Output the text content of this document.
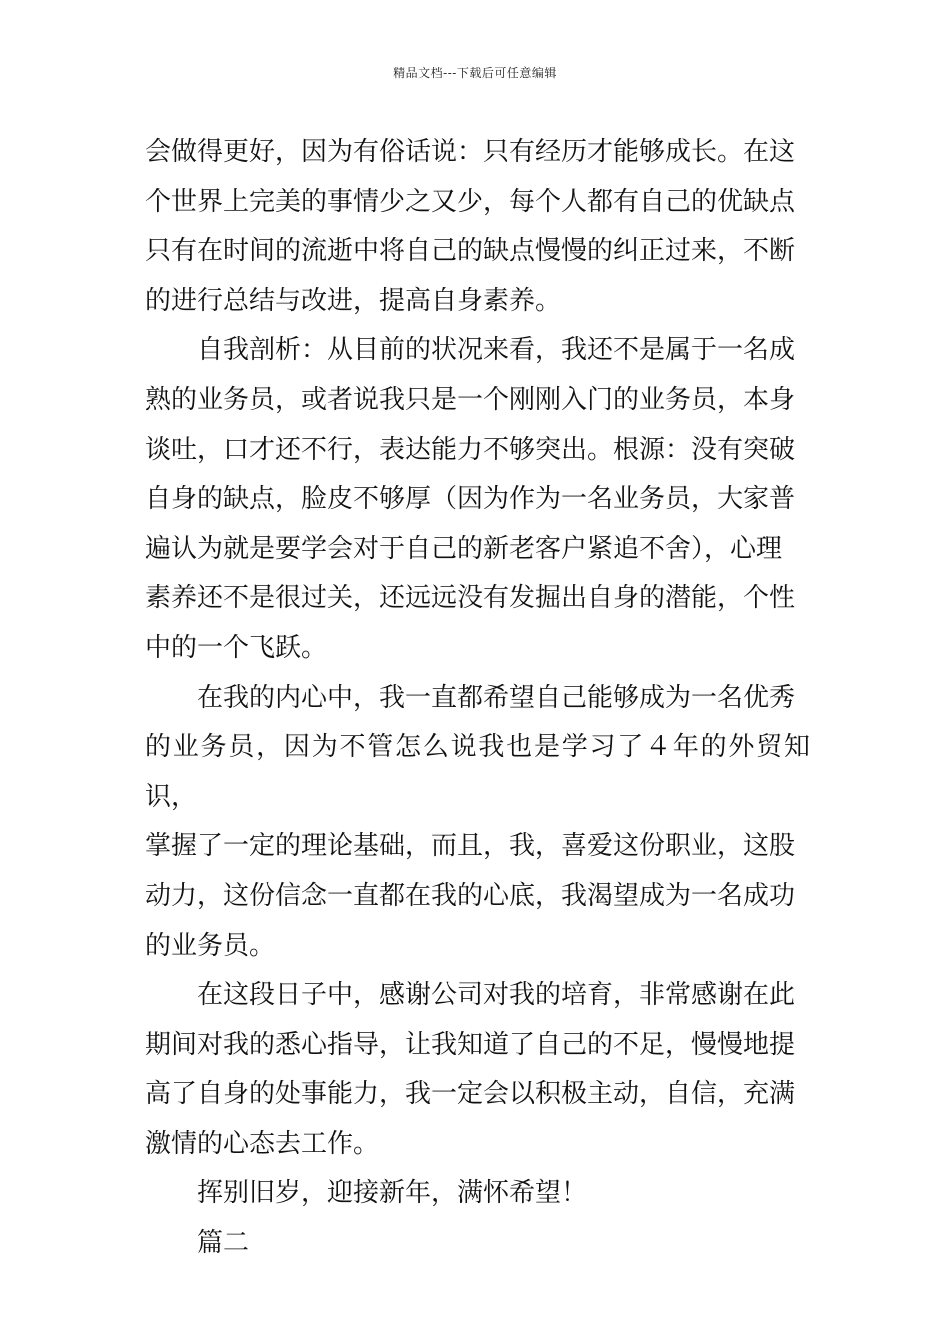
精品文档---下载后可任意编辑

会做得更好，因为有俗话说：只有经历才能够成长。在这
个世界上完美的事情少之又少，每个人都有自己的优缺点
只有在时间的流逝中将自己的缺点慢慢的纠正过来，不断
的进行总结与改进，提高自身素养。

自我剖析：从目前的状况来看，我还不是属于一名成
熟的业务员，或者说我只是一个刚刚入门的业务员，本身
谈吐，口才还不行，表达能力不够突出。根源：没有突破
自身的缺点，脸皮不够厚（因为作为一名业务员，大家普
遍认为就是要学会对于自己的新老客户紧追不舍），心理
素养还不是很过关，还远远没有发掘出自身的潜能，个性
中的一个飞跃。

在我的内心中，我一直都希望自己能够成为一名优秀
的业务员，因为不管怎么说我也是学习了４年的外贸知识，
掌握了一定的理论基础，而且，我，喜爱这份职业，这股
动力，这份信念一直都在我的心底，我渴望成为一名成功
的业务员。

在这段日子中，感谢公司对我的培育，非常感谢在此
期间对我的悉心指导，让我知道了自己的不足，慢慢地提
高了自身的处事能力，我一定会以积极主动，自信，充满
激情的心态去工作。

挥别旧岁，迎接新年，满怀希望！

篇二
